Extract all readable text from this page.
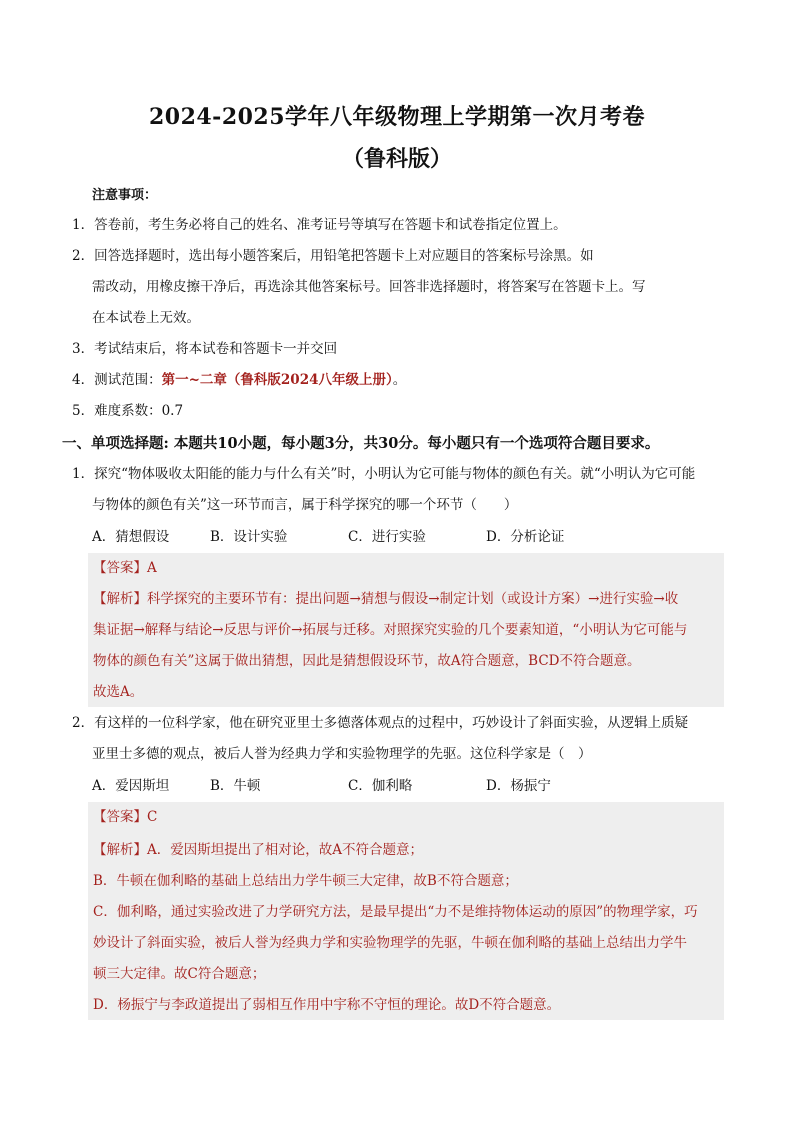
2024-2025学年八年级物理上学期第一次月考卷
（鲁科版）
注意事项：
1．答卷前，考生务必将自己的姓名、准考证号等填写在答题卡和试卷指定位置上。
2．回答选择题时，选出每小题答案后，用铅笔把答题卡上对应题目的答案标号涂黑。如
需改动，用橡皮擦干净后，再选涂其他答案标号。回答非选择题时，将答案写在答题卡上。写
在本试卷上无效。
3．考试结束后，将本试卷和答题卡一并交回
4．测试范围：第一~二章（鲁科版2024八年级上册）。
5．难度系数：0.7
一、单项选择题: 本题共10小题，每小题3分，共30分。每小题只有一个选项符合题目要求。
1．探究“物体吸收太阳能的能力与什么有关”时，小明认为它可能与物体的颜色有关。就“小明认为它可能
与物体的颜色有关”这一环节而言，属于科学探究的哪一个环节（　　）
A．猜想假设	B．设计实验	C．进行实验	D．分析论证
【答案】A
【解析】科学探究的主要环节有：提出问题→猜想与假设→制定计划（或设计方案）→进行实验→收
集证据→解释与结论→反思与评价→拓展与迁移。对照探究实验的几个要素知道，“小明认为它可能与
物体的颜色有关”这属于做出猜想，因此是猜想假设环节，故A符合题意，BCD不符合题意。
故选A。
2．有这样的一位科学家，他在研究亚里士多德落体观点的过程中，巧妙设计了斜面实验，从逻辑上质疑
亚里士多德的观点，被后人誉为经典力学和实验物理学的先驱。这位科学家是（　）
A．爱因斯坦	B．牛顿	C．伽利略	D．杨振宁
【答案】C
【解析】A．爱因斯坦提出了相对论，故A不符合题意；
B．牛顿在伽利略的基础上总结出力学牛顿三大定律，故B不符合题意；
C．伽利略，通过实验改进了力学研究方法，是最早提出“力不是维持物体运动的原因”的物理学家，巧
妙设计了斜面实验，被后人誉为经典力学和实验物理学的先驱，牛顿在伽利略的基础上总结出力学牛
顿三大定律。故C符合题意；
D．杨振宁与李政道提出了弱相互作用中宇称不守恒的理论。故D不符合题意。
